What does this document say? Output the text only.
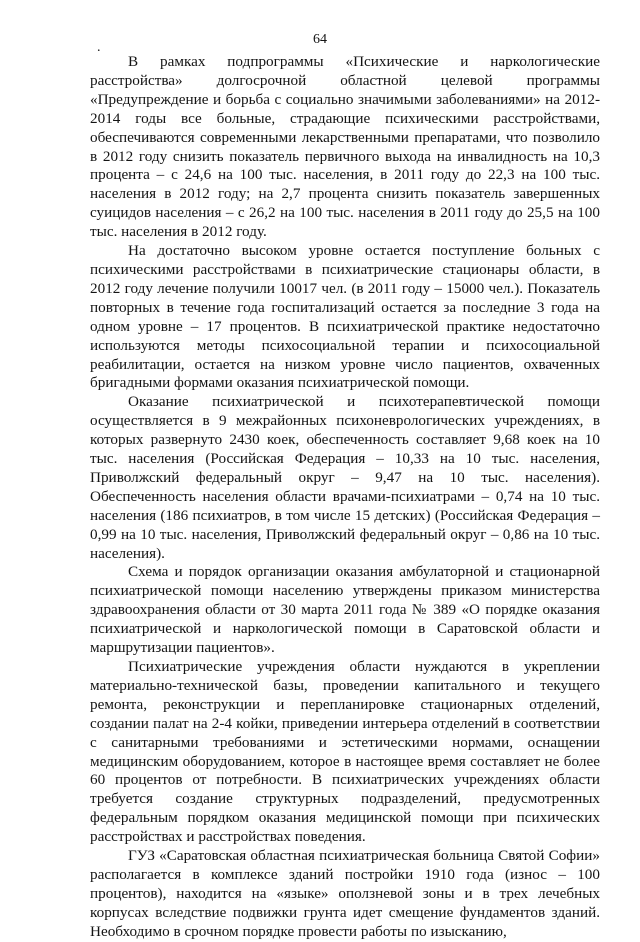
64
.

В рамках подпрограммы «Психические и наркологические расстройства» долгосрочной областной целевой программы «Предупреждение и борьба с социально значимыми заболеваниями» на 2012-2014 годы все больные, страдающие психическими расстройствами, обеспечиваются современными лекарственными препаратами, что позволило в 2012 году снизить показатель первичного выхода на инвалидность на 10,3 процента – с 24,6 на 100 тыс. населения, в 2011 году до 22,3 на 100 тыс. населения в 2012 году; на 2,7 процента снизить показатель завершенных суицидов населения – с 26,2 на 100 тыс. населения в 2011 году до 25,5 на 100 тыс. населения в 2012 году.

На достаточно высоком уровне остается поступление больных с психическими расстройствами в психиатрические стационары области, в 2012 году лечение получили 10017 чел. (в 2011 году – 15000 чел.). Показатель повторных в течение года госпитализаций остается за последние 3 года на одном уровне – 17 процентов. В психиатрической практике недостаточно используются методы психосоциальной терапии и психосоциальной реабилитации, остается на низком уровне число пациентов, охваченных бригадными формами оказания психиатрической помощи.

Оказание психиатрической и психотерапевтической помощи осуществляется в 9 межрайонных психоневрологических учреждениях, в которых развернуто 2430 коек, обеспеченность составляет 9,68 коек на 10 тыс. населения (Российская Федерация – 10,33 на 10 тыс. населения, Приволжский федеральный округ – 9,47 на 10 тыс. населения). Обеспеченность населения области врачами-психиатрами – 0,74 на 10 тыс. населения (186 психиатров, в том числе 15 детских) (Российская Федерация – 0,99 на 10 тыс. населения, Приволжский федеральный округ – 0,86 на 10 тыс. населения).

Схема и порядок организации оказания амбулаторной и стационарной психиатрической помощи населению утверждены приказом министерства здравоохранения области от 30 марта 2011 года № 389 «О порядке оказания психиатрической и наркологической помощи в Саратовской области и маршрутизации пациентов».

Психиатрические учреждения области нуждаются в укреплении материально-технической базы, проведении капитального и текущего ремонта, реконструкции и перепланировке стационарных отделений, создании палат на 2-4 койки, приведении интерьера отделений в соответствии с санитарными требованиями и эстетическими нормами, оснащении медицинским оборудованием, которое в настоящее время составляет не более 60 процентов от потребности. В психиатрических учреждениях области требуется создание структурных подразделений, предусмотренных федеральным порядком оказания медицинской помощи при психических расстройствах и расстройствах поведения.

ГУЗ «Саратовская областная психиатрическая больница Святой Софии» располагается в комплексе зданий постройки 1910 года (износ – 100 процентов), находится на «языке» оползневой зоны и в трех лечебных корпусах вследствие подвижки грунта идет смещение фундаментов зданий. Необходимо в срочном порядке провести работы по изысканию,
